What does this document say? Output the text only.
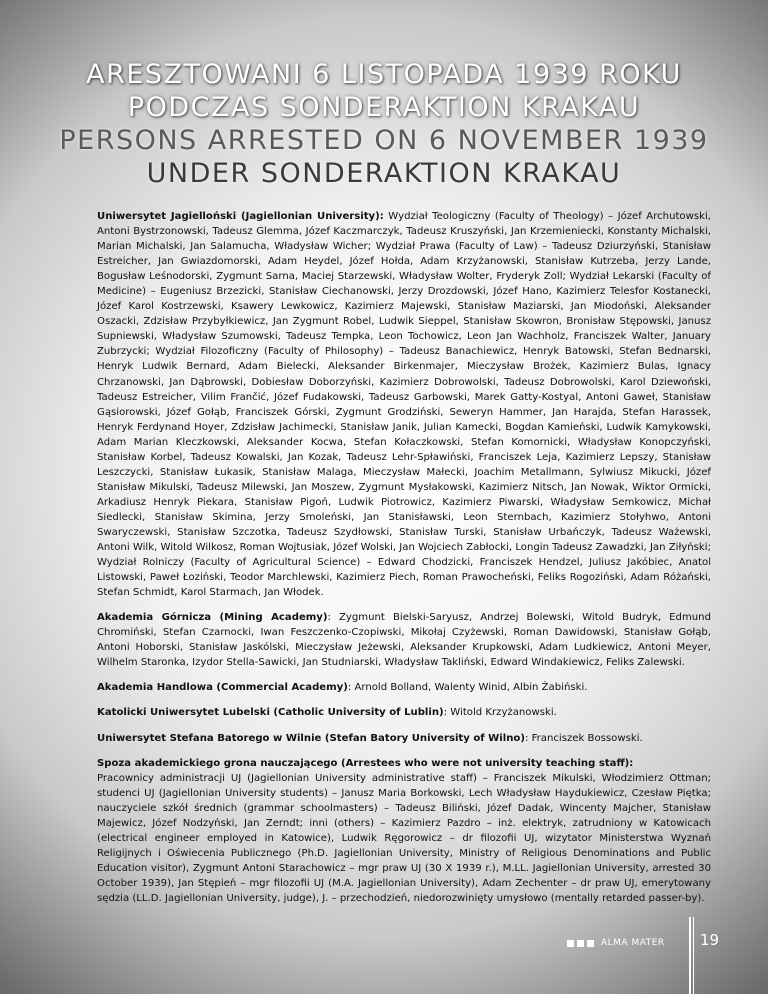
ARESZTOWANI 6 LISTOPADA 1939 ROKU
PODCZAS SONDERAKTION KRAKAU
PERSONS ARRESTED ON 6 NOVEMBER 1939
UNDER SONDERAKTION KRAKAU

Uniwersytet Jagielloński (Jagiellonian University): Wydział Teologiczny (Faculty of Theology) – Józef Archutowski, Antoni Bystrzonowski, Tadeusz Glemma, Józef Kaczmarczyk, Tadeusz Kruszyński, Jan Krzemieniecki, Konstanty Michalski, Marian Michalski, Jan Salamucha, Władysław Wicher; Wydział Prawa (Faculty of Law) – Tadeusz Dziurzyński, Stanisław Estreicher, Jan Gwiazdomorski, Adam Heydel, Józef Hołda, Adam Krzyżanowski, Stanisław Kutrzeba, Jerzy Lande, Bogusław Leśnodorski, Zygmunt Sarna, Maciej Starzewski, Władysław Wolter, Fryderyk Zoll; Wydział Lekarski (Faculty of Medicine) – Eugeniusz Brzezicki, Stanisław Ciechanowski, Jerzy Drozdowski, Józef Hano, Kazimierz Telesfor Kostanecki, Józef Karol Kostrzewski, Ksawery Lewkowicz, Kazimierz Majewski, Stanisław Maziarski, Jan Miodoński, Aleksander Oszacki, Zdzisław Przybyłkiewicz, Jan Zygmunt Robel, Ludwik Sieppel, Stanisław Skowron, Bronisław Stępowski, Janusz Supniewski, Władysław Szumowski, Tadeusz Tempka, Leon Tochowicz, Leon Jan Wachholz, Franciszek Walter, January Zubrzycki; Wydział Filozoficzny (Faculty of Philosophy) – Tadeusz Banachiewicz, Henryk Batowski, Stefan Bednarski, Henryk Ludwik Bernard, Adam Bielecki, Aleksander Birkenmajer, Mieczysław Brożek, Kazimierz Bulas, Ignacy Chrzanowski, Jan Dąbrowski, Dobiesław Doborzyński, Kazimierz Dobrowolski, Tadeusz Dobrowolski, Karol Dziewoński, Tadeusz Estreicher, Vilim Frančić, Józef Fudakowski, Tadeusz Garbowski, Marek Gatty-Kostyal, Antoni Gaweł, Stanisław Gąsiorowski, Józef Gołąb, Franciszek Górski, Zygmunt Grodziński, Seweryn Hammer, Jan Harajda, Stefan Harassek, Henryk Ferdynand Hoyer, Zdzisław Jachimecki, Stanisław Janik, Julian Kamecki, Bogdan Kamieński, Ludwik Kamykowski, Adam Marian Kleczkowski, Aleksander Kocwa, Stefan Kołaczkowski, Stefan Komornicki, Władysław Konopczyński, Stanisław Korbel, Tadeusz Kowalski, Jan Kozak, Tadeusz Lehr-Spławiński, Franciszek Leja, Kazimierz Lepszy, Stanisław Leszczycki, Stanisław Łukasik, Stanisław Malaga, Mieczysław Małecki, Joachim Metallmann, Sylwiusz Mikucki, Józef Stanisław Mikulski, Tadeusz Milewski, Jan Moszew, Zygmunt Mysłakowski, Kazimierz Nitsch, Jan Nowak, Wiktor Ormicki, Arkadiusz Henryk Piekara, Stanisław Pigoń, Ludwik Piotrowicz, Kazimierz Piwarski, Władysław Semkowicz, Michał Siedlecki, Stanisław Skimina, Jerzy Smoleński, Jan Stanisławski, Leon Sternbach, Kazimierz Stołyhwo, Antoni Swaryczewski, Stanisław Szczotka, Tadeusz Szydłowski, Stanisław Turski, Stanisław Urbańczyk, Tadeusz Ważewski, Antoni Wilk, Witold Wilkosz, Roman Wojtusiak, Józef Wolski, Jan Wojciech Zabłocki, Longin Tadeusz Zawadzki, Jan Ziłyński; Wydział Rolniczy (Faculty of Agricultural Science) – Edward Chodzicki, Franciszek Hendzel, Juliusz Jakóbiec, Anatol Listowski, Paweł Łoziński, Teodor Marchlewski, Kazimierz Piech, Roman Prawocheński, Feliks Rogoziński, Adam Różański, Stefan Schmidt, Karol Starmach, Jan Włodek.

Akademia Górnicza (Mining Academy): Zygmunt Bielski-Saryusz, Andrzej Bolewski, Witold Budryk, Edmund Chromiński, Stefan Czarnocki, Iwan Feszczenko-Czopiwski, Mikołaj Czyżewski, Roman Dawidowski, Stanisław Gołąb, Antoni Hoborski, Stanisław Jaskólski, Mieczysław Jeżewski, Aleksander Krupkowski, Adam Ludkiewicz, Antoni Meyer, Wilhelm Staronka, Izydor Stella-Sawicki, Jan Studniarski, Władysław Takliński, Edward Windakiewicz, Feliks Zalewski.

Akademia Handlowa (Commercial Academy): Arnold Bolland, Walenty Winid, Albin Żabiński.

Katolicki Uniwersytet Lubelski (Catholic University of Lublin): Witold Krzyżanowski.

Uniwersytet Stefana Batorego w Wilnie (Stefan Batory University of Wilno): Franciszek Bossowski.

Spoza akademickiego grona nauczającego (Arrestees who were not university teaching staff):
Pracownicy administracji UJ (Jagiellonian University administrative staff) – Franciszek Mikulski, Włodzimierz Ottman; studenci UJ (Jagiellonian University students) – Janusz Maria Borkowski, Lech Władysław Haydukiewicz, Czesław Piętka; nauczyciele szkół średnich (grammar schoolmasters) – Tadeusz Biliński, Józef Dadak, Wincenty Majcher, Stanisław Majewicz, Józef Nodzyński, Jan Zerndt; inni (others) – Kazimierz Pazdro – inż. elektryk, zatrudniony w Katowicach (electrical engineer employed in Katowice), Ludwik Ręgorowicz – dr filozofii UJ, wizytator Ministerstwa Wyznań Religijnych i Oświecenia Publicznego (Ph.D. Jagiellonian University, Ministry of Religious Denominations and Public Education visitor), Zygmunt Antoni Starachowicz – mgr praw UJ (30 X 1939 r.), M.LL. Jagiellonian University, arrested 30 October 1939), Jan Stępień – mgr filozofii UJ (M.A. Jagiellonian University), Adam Zechenter – dr praw UJ, emerytowany sędzia (LL.D. Jagiellonian University, judge), J. – przechodzień, niedorozwinięty umysłowo (mentally retarded passer-by).

ALMA MATER 19
